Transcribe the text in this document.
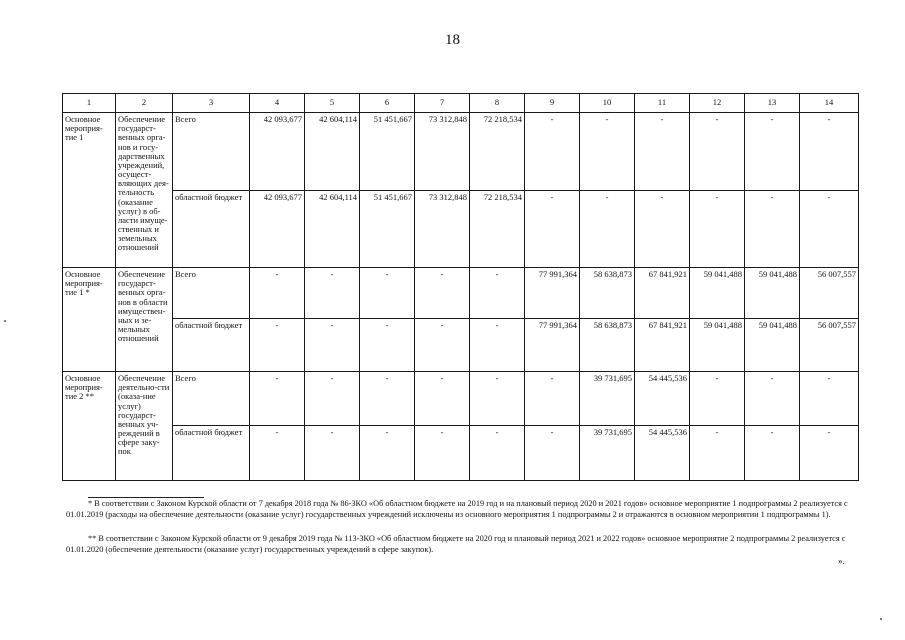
18
1	2	3	4	5	6	7	8	9	10	11	12	13	14
Основное мероприя-тие 1	Обеспечение государст-венных орга-нов и госу-дарственных учреждений, осущест-вляющих дея-тельность (оказание услуг) в об-ласти имуще-ственных и земельных отношений	Всего	42 093,677	42 604,114	51 451,667	73 312,848	72 218,534	-	-	-	-	-	-
		областной бюджет	42 093,677	42 604,114	51 451,667	73 312,848	72 218,534	-	-	-	-	-	-
Основное мероприя-тие 1 *	Обеспечение государст-венных орга-нов в области имуществен-ных и зе-мельных отношений	Всего	-	-	-	-	-	77 991,364	58 638,873	67 841,921	59 041,488	59 041,488	56 007,557
		областной бюджет	-	-	-	-	-	77 991,364	58 638,873	67 841,921	59 041,488	59 041,488	56 007,557
Основное мероприя-тие 2 **	Обеспечение деятельно-сти (оказа-ние услуг) государст-венных уч-реждений в сфере заку-пок	Всего	-	-	-	-	-	-	39 731,695	54 445,536	-	-	-
		областной бюджет	-	-	-	-	-	-	39 731,695	54 445,536	-	-	-
* В соответствии с Законом Курской области от 7 декабря 2018 года № 86-ЗКО «Об областном бюджете на 2019 год и на плановый период 2020 и 2021 годов» основное мероприятие 1 подпрограммы 2 реализуется с 01.01.2019 (расходы на обеспечение деятельности (оказание услуг) государственных учреждений исключены из основного мероприятия 1 подпрограммы 2 и отражаются в основном мероприятии 1 подпрограммы 1).
** В соответствии с Законом Курской области от 9 декабря 2019 года № 113-ЗКО «Об областном бюджете на 2020 год и плановый период 2021 и 2022 годов» основное мероприятие 2 подпрограммы 2 реализуется с 01.01.2020 (обеспечение деятельности (оказание услуг) государственных учреждений в сфере закупок).
».
